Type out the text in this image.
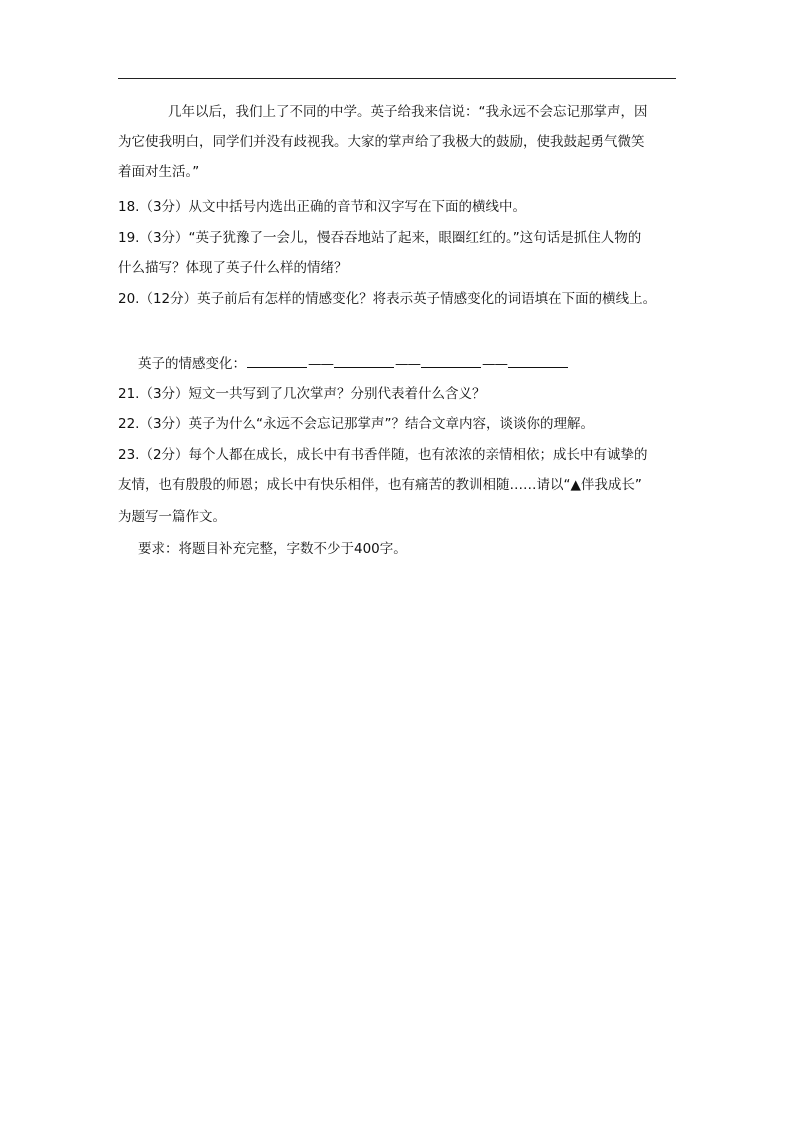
几年以后，我们上了不同的中学。英子给我来信说：“我永远不会忘记那掌声，因
为它使我明白，同学们并没有歧视我。大家的掌声给了我极大的鼓励，使我鼓起勇气微笑
着面对生活。”
18.（3分）从文中括号内选出正确的音节和汉字写在下面的横线中。
19.（3分）“英子犹豫了一会儿，慢吞吞地站了起来，眼圈红红的。”这句话是抓住人物的
什么描写？体现了英子什么样的情绪？
20.（12分）英子前后有怎样的情感变化？将表示英子情感变化的词语填在下面的横线上。
英子的情感变化：	——	——	——
21.（3分）短文一共写到了几次掌声？分别代表着什么含义？
22.（3分）英子为什么“永远不会忘记那掌声”？结合文章内容，谈谈你的理解。
23.（2分）每个人都在成长，成长中有书香伴随，也有浓浓的亲情相依；成长中有诚挚的
友情，也有殷殷的师恩；成长中有快乐相伴，也有痛苦的教训相随……请以“▲伴我成长”
为题写一篇作文。
要求：将题目补充完整，字数不少于400字。
